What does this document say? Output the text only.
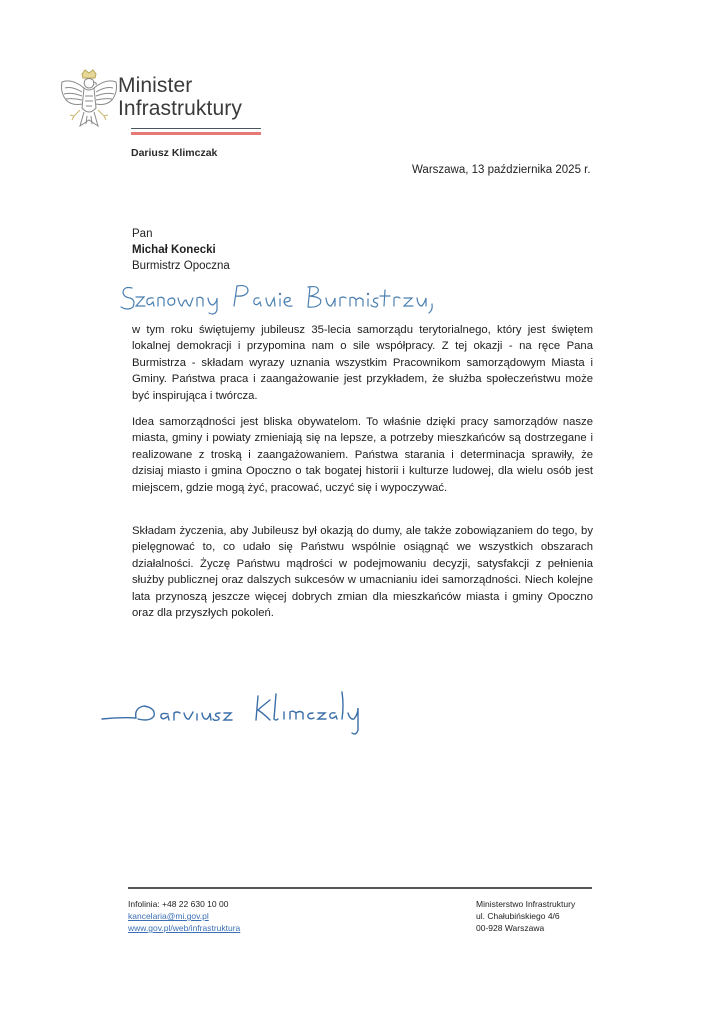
Minister
Infrastruktury
Dariusz Klimczak
Warszawa, 13 października 2025 r.
Pan
Michał Konecki
Burmistrz Opoczna
w tym roku świętujemy jubileusz 35-lecia samorządu terytorialnego, który jest świętem lokalnej demokracji i przypomina nam o sile współpracy. Z tej okazji - na ręce Pana Burmistrza - składam wyrazy uznania wszystkim Pracownikom samorządowym Miasta i Gminy. Państwa praca i zaangażowanie jest przykładem, że służba społeczeństwu może być inspirująca i twórcza.
Idea samorządności jest bliska obywatelom. To właśnie dzięki pracy samorządów nasze miasta, gminy i powiaty zmieniają się na lepsze, a potrzeby mieszkańców są dostrzegane i realizowane z troską i zaangażowaniem. Państwa starania i determinacja sprawiły, że dzisiaj miasto i gmina Opoczno o tak bogatej historii i kulturze ludowej, dla wielu osób jest miejscem, gdzie mogą żyć, pracować, uczyć się i wypoczywać.
Składam życzenia, aby Jubileusz był okazją do dumy, ale także zobowiązaniem do tego, by pielęgnować to, co udało się Państwu wspólnie osiągnąć we wszystkich obszarach działalności. Życzę Państwu mądrości w podejmowaniu decyzji, satysfakcji z pełnienia służby publicznej oraz dalszych sukcesów w umacnianiu idei samorządności. Niech kolejne lata przynoszą jeszcze więcej dobrych zmian dla mieszkańców miasta i gminy Opoczno oraz dla przyszłych pokoleń.
Infolinia: +48 22 630 10 00
kancelaria@mi.gov.pl
www.gov.pl/web/infrastruktura
Ministerstwo Infrastruktury
ul. Chałubińskiego 4/6
00-928 Warszawa
